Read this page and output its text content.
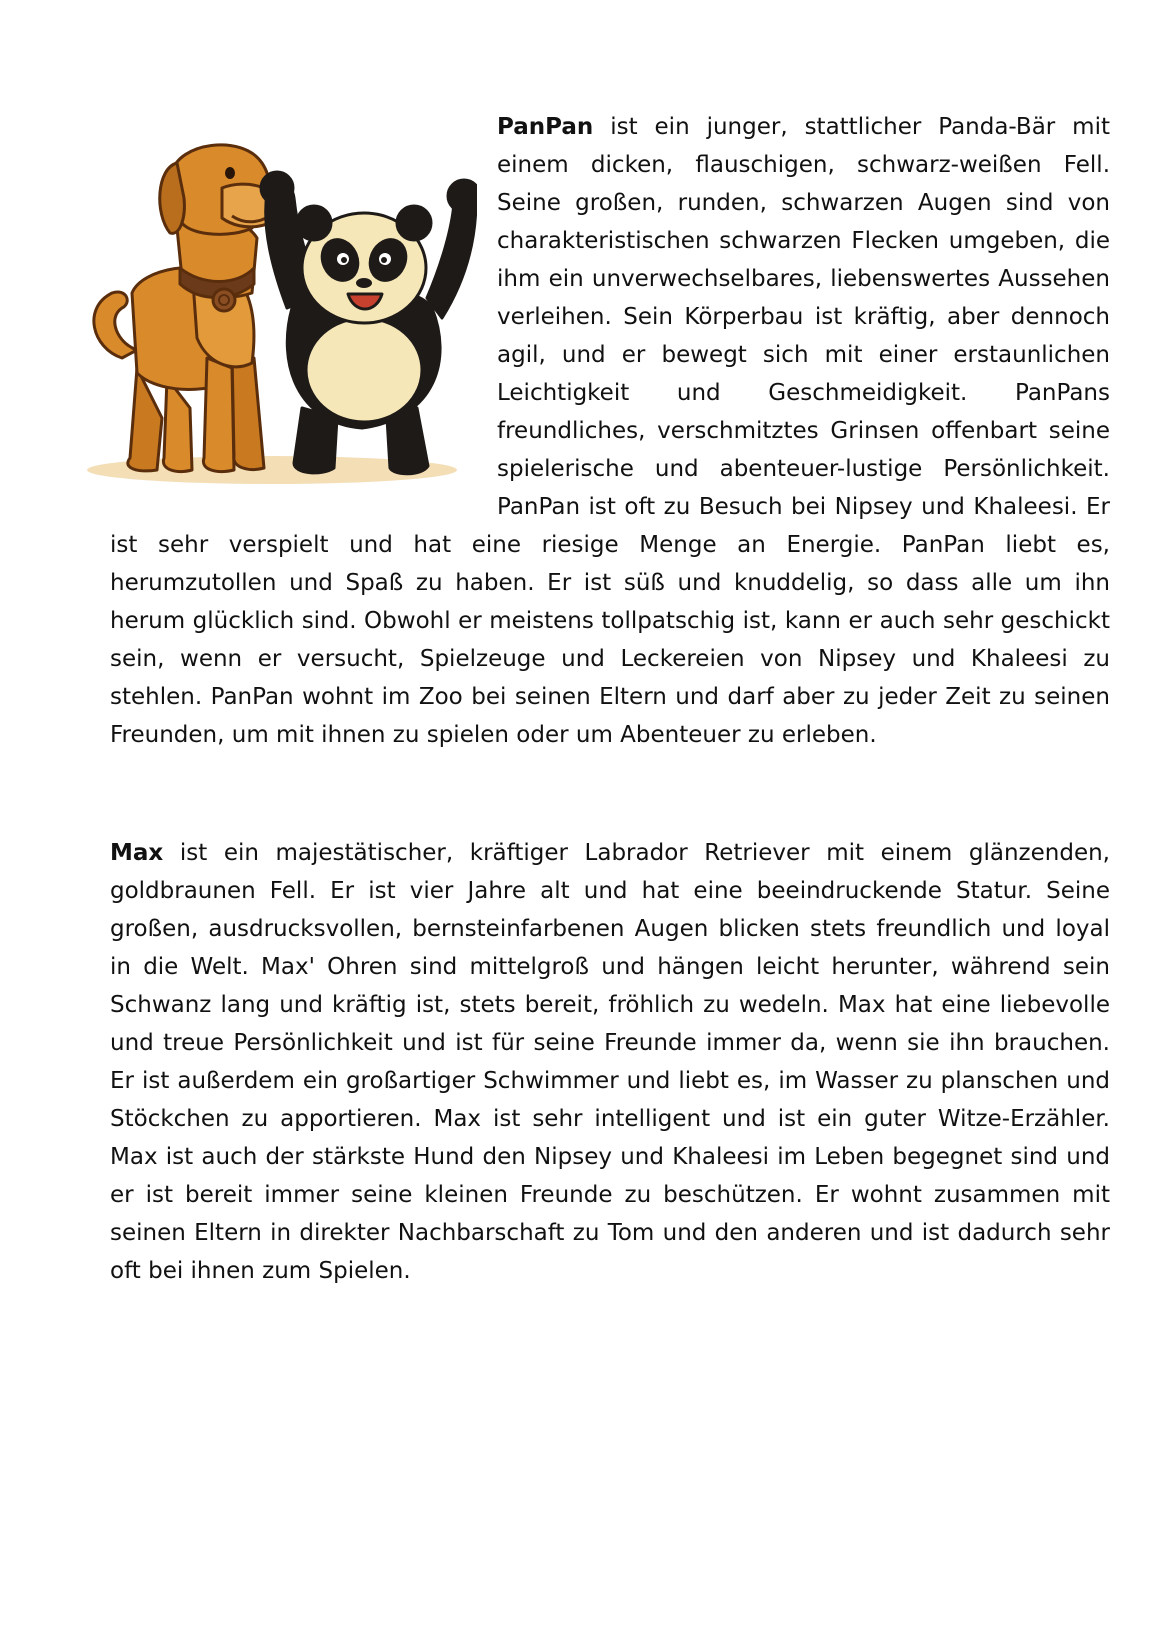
PanPan ist ein junger, stattlicher Panda-Bär mit einem dicken, flauschigen, schwarz-weißen Fell. Seine großen, runden, schwarzen Augen sind von charakteristischen schwarzen Flecken umgeben, die ihm ein unverwechselbares, liebenswertes Aussehen verleihen. Sein Körperbau ist kräftig, aber dennoch agil, und er bewegt sich mit einer erstaunlichen Leichtigkeit und Geschmeidigkeit. PanPans freundliches, verschmitztes Grinsen offenbart seine spielerische und abenteuer-lustige Persönlichkeit. PanPan ist oft zu Besuch bei Nipsey und Khaleesi. Er ist sehr verspielt und hat eine riesige Menge an Energie. PanPan liebt es, herumzutollen und Spaß zu haben. Er ist süß und knuddelig, so dass alle um ihn herum glücklich sind. Obwohl er meistens tollpatschig ist, kann er auch sehr geschickt sein, wenn er versucht, Spielzeuge und Leckereien von Nipsey und Khaleesi zu stehlen. PanPan wohnt im Zoo bei seinen Eltern und darf aber zu jeder Zeit zu seinen Freunden, um mit ihnen zu spielen oder um Abenteuer zu erleben.

Max ist ein majestätischer, kräftiger Labrador Retriever mit einem glänzenden, goldbraunen Fell. Er ist vier Jahre alt und hat eine beeindruckende Statur. Seine großen, ausdrucksvollen, bernsteinfarbenen Augen blicken stets freundlich und loyal in die Welt. Max' Ohren sind mittelgroß und hängen leicht herunter, während sein Schwanz lang und kräftig ist, stets bereit, fröhlich zu wedeln. Max hat eine liebevolle und treue Persönlichkeit und ist für seine Freunde immer da, wenn sie ihn brauchen. Er ist außerdem ein großartiger Schwimmer und liebt es, im Wasser zu planschen und Stöckchen zu apportieren. Max ist sehr intelligent und ist ein guter Witze-Erzähler. Max ist auch der stärkste Hund den Nipsey und Khaleesi im Leben begegnet sind und er ist bereit immer seine kleinen Freunde zu beschützen. Er wohnt zusammen mit seinen Eltern in direkter Nachbarschaft zu Tom und den anderen und ist dadurch sehr oft bei ihnen zum Spielen.
